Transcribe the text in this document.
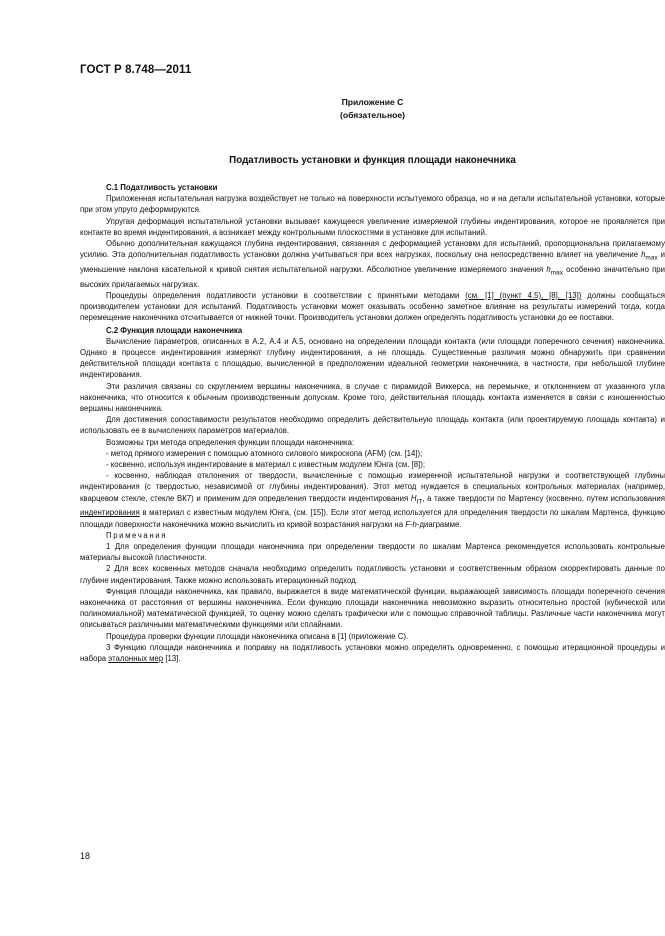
ГОСТ Р 8.748—2011
Приложение С
(обязательное)
Податливость установки и функция площади наконечника

С.1 Податливость установки

Приложенная испытательная нагрузка воздействует не только на поверхности испытуемого образца, но и на детали испытательной установки, которые при этом упруго деформируются.

Упругая деформация испытательной установки вызывает кажущееся увеличение измеряемой глубины индентирования, которое не проявляется при контакте во время индентирования, а возникает между контрольными плоскостями в установке для испытаний.

Обычно дополнительная кажущаяся глубина индентирования, связанная с деформацией установки для испытаний, пропорциональна прилагаемому усилию. Эта дополнительная податливость установки должна учитываться при всех нагрузках, поскольку она непосредственно влияет на увеличение $h_{max}$ и уменьшение наклона касательной к кривой снятия испытательной нагрузки. Абсолютное увеличение измеряемого значения $h_{max}$ особенно значительно при высоких прилагаемых нагрузках.

Процедуры определения податливости установки в соответствии с принятыми методами (см. [1] (пункт 4.5), [8], [13]) должны сообщаться производителем установки для испытаний. Податливость установки может оказывать особенно заметное влияние на результаты измерений тогда, когда перемещение наконечника отсчитывается от нижней точки. Производитель установки должен определять податливость установки до ее поставки.

С.2 Функция площади наконечника

Вычисление параметров, описанных в А.2, А.4 и А.5, основано на определении площади контакта (или площади поперечного сечения) наконечника. Однако в процессе индентирования измеряют глубину индентирования, а не площадь. Существенные различия можно обнаружить при сравнении действительной площади контакта с площадью, вычисленной в предположении идеальной геометрии наконечника, в частности, при небольшой глубине индентирования.

Эти различия связаны со скруглением вершины наконечника, в случае с пирамидой Виккерса, на перемычке, и отклонением от указанного угла наконечника, что относится к обычным производственным допускам. Кроме того, действительная площадь контакта изменяется в связи с изношенностью вершины наконечника.

Для достижения сопоставимости результатов необходимо определить действительную площадь контакта (или проектируемую площадь контакта) и использовать ее в вычислениях параметров материалов.

Возможны три метода определения функции площади наконечника:

- метод прямого измерения с помощью атомного силового микроскопа (AFM) (см. [14]);

- косвенно, используя индентирование в материал с известным модулем Юнга (см. [8]);

- косвенно, наблюдая отклонения от твердости, вычисленные с помощью измеренной испытательной нагрузки и соответствующей глубины индентирования (с твердостью, независимой от глубины индентирования). Этот метод нуждается в специальных контрольных материалах (например, кварцевом стекле, стекле ВК7) и применим для определения твердости индентирования $H_{IT}$, а также твердости по Мартенсу (косвенно, путем использования индентирования в материал с известным модулем Юнга, (см. [15]). Если этот метод используется для определения твердости по шкалам Мартенса, функцию площади поверхности наконечника можно вычислить из кривой возрастания нагрузки на F-h-диаграмме.

Примечания

1 Для определения функции площади наконечника при определении твердости по шкалам Мартенса рекомендуется использовать контрольные материалы высокой пластичности.

2 Для всех косвенных методов сначала необходимо определить податливость установки и соответственным образом скорректировать данные по глубине индентирования. Также можно использовать итерационный подход.

Функция площади наконечника, как правило, выражается в виде математической функции, выражающей зависимость площади поперечного сечения наконечника от расстояния от вершины наконечника. Если функцию площади наконечника невозможно выразить относительно простой (кубической или полиномиальной) математической функцией, то оценку можно сделать графически или с помощью справочной таблицы. Различные части наконечника могут описываться различными математическими функциями или сплайнами.

Процедура проверки функции площади наконечника описана в [1] (приложение С).

3 Функцию площади наконечника и поправку на податливость установки можно определять одновременно, с помощью итерационной процедуры и набора эталонных мер [13].

18
